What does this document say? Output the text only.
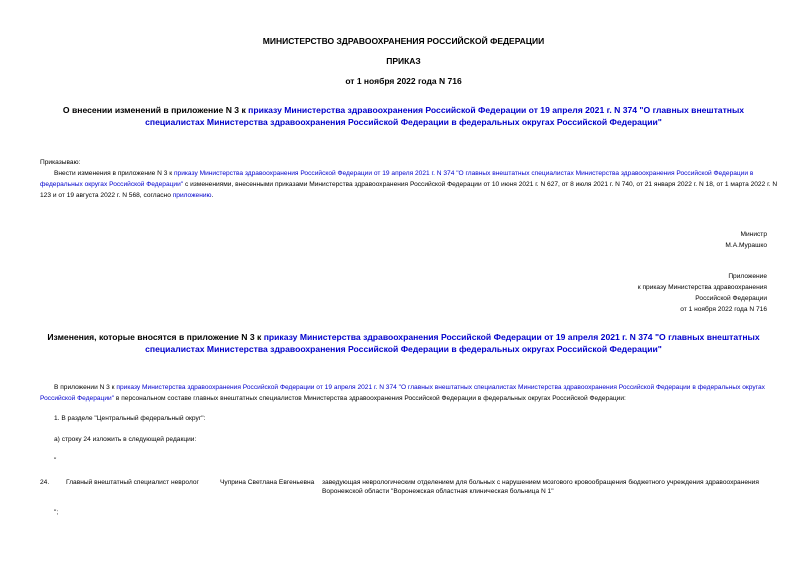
МИНИСТЕРСТВО ЗДРАВООХРАНЕНИЯ РОССИЙСКОЙ ФЕДЕРАЦИИ
ПРИКАЗ
от 1 ноября 2022 года N 716
О внесении изменений в приложение N 3 к приказу Министерства здравоохранения Российской Федерации от 19 апреля 2021 г. N 374 "О главных внештатных специалистах Министерства здравоохранения Российской Федерации в федеральных округах Российской Федерации"
Приказываю:
Внести изменения в приложение N 3 к приказу Министерства здравоохранения Российской Федерации от 19 апреля 2021 г. N 374 "О главных внештатных специалистах Министерства здравоохранения Российской Федерации в федеральных округах Российской Федерации" с изменениями, внесенными приказами Министерства здравоохранения Российской Федерации от 10 июня 2021 г. N 627, от 8 июля 2021 г. N 740, от 21 января 2022 г. N 18, от 1 марта 2022 г. N 123 и от 19 августа 2022 г. N 568, согласно приложению.
Министр
М.А.Мурашко
Приложение
к приказу Министерства здравоохранения
Российской Федерации
от 1 ноября 2022 года N 716
Изменения, которые вносятся в приложение N 3 к приказу Министерства здравоохранения Российской Федерации от 19 апреля 2021 г. N 374 "О главных внештатных специалистах Министерства здравоохранения Российской Федерации в федеральных округах Российской Федерации"
В приложении N 3 к приказу Министерства здравоохранения Российской Федерации от 19 апреля 2021 г. N 374 "О главных внештатных специалистах Министерства здравоохранения Российской Федерации в федеральных округах Российской Федерации" в персональном составе главных внештатных специалистов Министерства здравоохранения Российской Федерации в федеральных округах Российской Федерации:
1. В разделе "Центральный федеральный округ":
а) строку 24 изложить в следующей редакции:
"
24.	Главный внештатный специалист невролог	Чуприна Светлана Евгеньевна	заведующая неврологическим отделением для больных с нарушением мозгового кровообращения бюджетного учреждения здравоохранения Воронежской области "Воронежская областная клиническая больница N 1"
";
